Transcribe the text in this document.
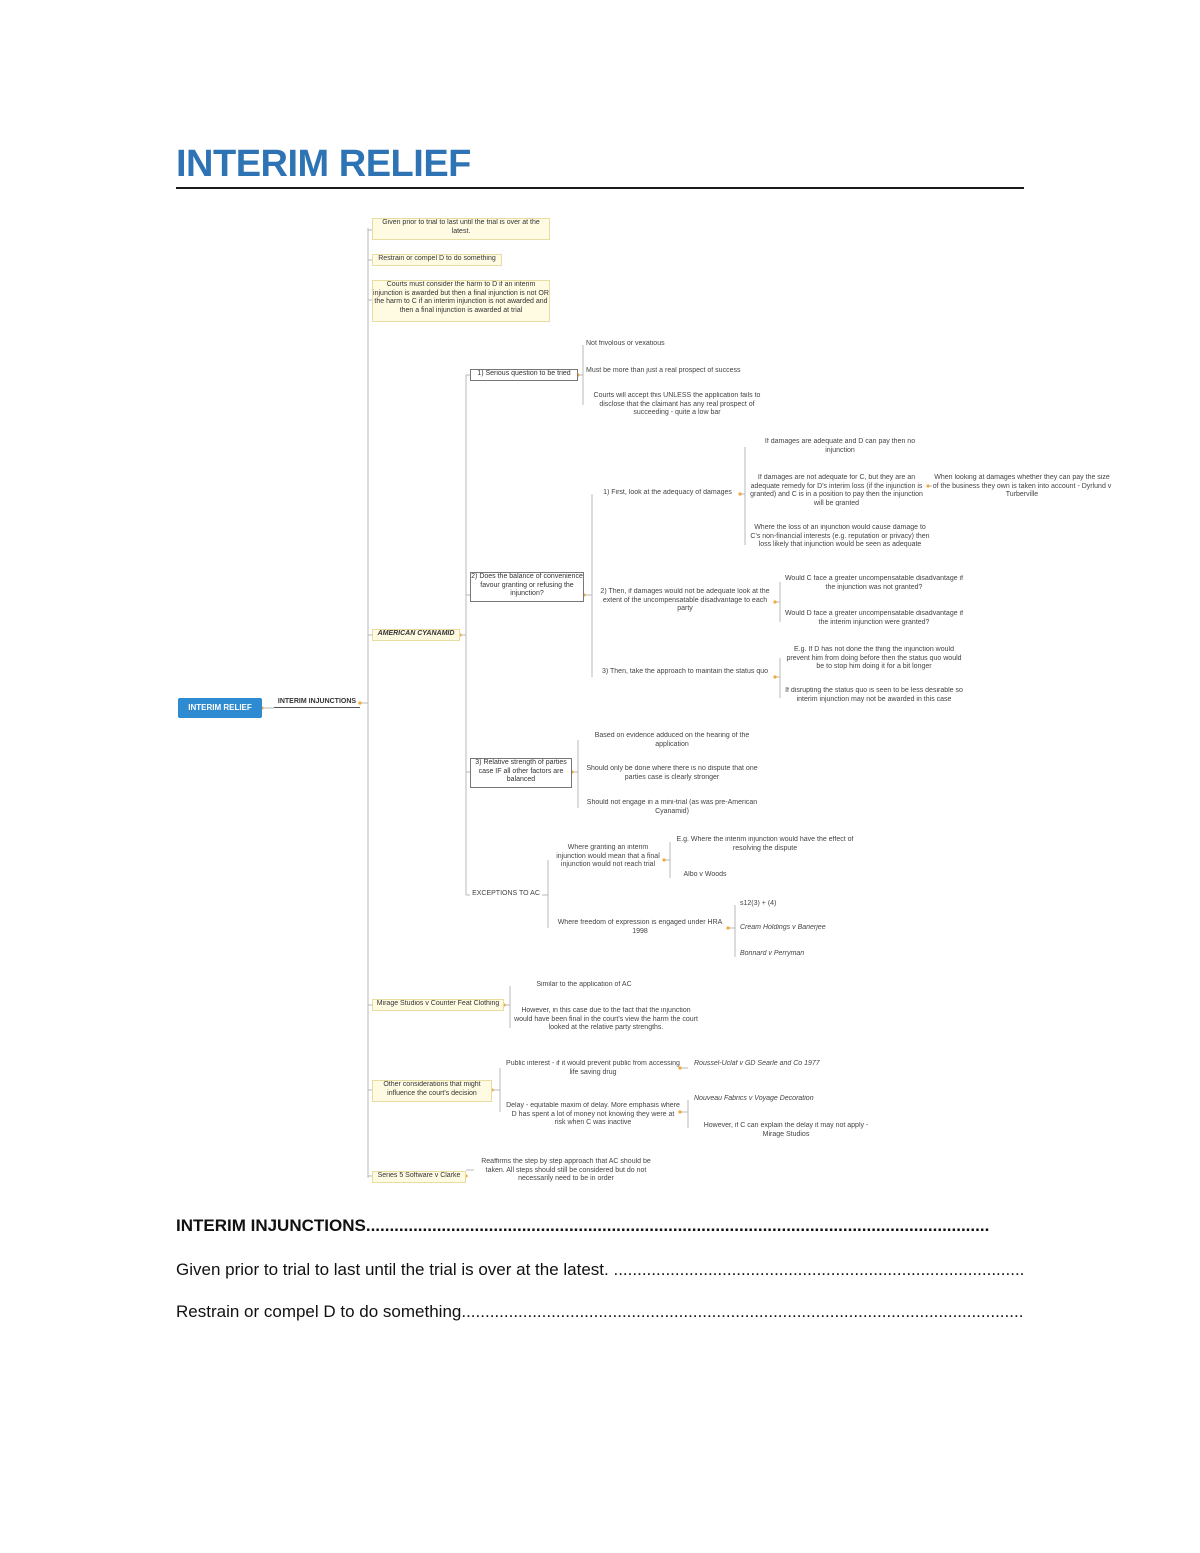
INTERIM RELIEF
INTERIM RELIEF
INTERIM INJUNCTIONS
Given prior to trial to last until the trial is over at the latest.
Restrain or compel D to do something
Courts must consider the harm to D if an interim injunction is awarded but then a final injunction is not OR the harm to C if an interim injunction is not awarded and then a final injunction is awarded at trial
AMERICAN CYANAMID
1) Serious question to be tried
Not frivolous or vexatious
Must be more than just a real prospect of success
Courts will accept this UNLESS the application fails to disclose that the claimant has any real prospect of succeeding - quite a low bar
2) Does the balance of convenience favour granting or refusing the injunction?
1) First, look at the adequacy of damages
If damages are adequate and D can pay then no injunction
If damages are not adequate for C, but they are an adequate remedy for D's interim loss (if the injunction is granted) and C is in a position to pay then the injunction will be granted
When looking at damages whether they can pay the size of the business they own is taken into account - Dyrlund v Turberville
Where the loss of an injunction would cause damage to C's non-financial interests (e.g. reputation or privacy) then loss likely that injunction would be seen as adequate
2) Then, if damages would not be adequate look at the extent of the uncompensatable disadvantage to each party
Would C face a greater uncompensatable disadvantage if the injunction was not granted?
Would D face a greater uncompensatable disadvantage if the interim injunction were granted?
3) Then, take the approach to maintain the status quo
E.g. If D has not done the thing the injunction would prevent him from doing before then the status quo would be to stop him doing it for a bit longer
If disrupting the status quo is seen to be less desirable so interim injunction may not be awarded in this case
3) Relative strength of parties case IF all other factors are balanced
Based on evidence adduced on the hearing of the application
Should only be done where there is no dispute that one parties case is clearly stronger
Should not engage in a mini-trial (as was pre-American Cyanamid)
EXCEPTIONS TO AC
Where granting an interim injunction would mean that a final injunction would not reach trial
E.g. Where the interim injunction would have the effect of resolving the dispute
Albo v Woods
Where freedom of expression is engaged under HRA 1998
s12(3) + (4)
Cream Holdings v Banerjee
Bonnard v Perryman
Mirage Studios v Counter Feat Clothing
Similar to the application of AC
However, in this case due to the fact that the injunction would have been final in the court's view the harm the court looked at the relative party strengths.
Other considerations that might influence the court's decision
Public interest - if it would prevent public from accessing life saving drug
Roussel-Uclaf v GD Searle and Co 1977
Delay - equitable maxim of delay. More emphasis where D has spent a lot of money not knowing they were at risk when C was inactive
Nouveau Fabrics v Voyage Decoration
However, if C can explain the delay it may not apply - Mirage Studios
Series 5 Software v Clarke
Reaffirms the step by step approach that AC should be taken. All steps should still be considered but do not necessarily need to be in order

INTERIM INJUNCTIONS....................................................................................................................................

Given prior to trial to last until the trial is over at the latest. .......................................................................................

Restrain or compel D to do something.......................................................................................................................
